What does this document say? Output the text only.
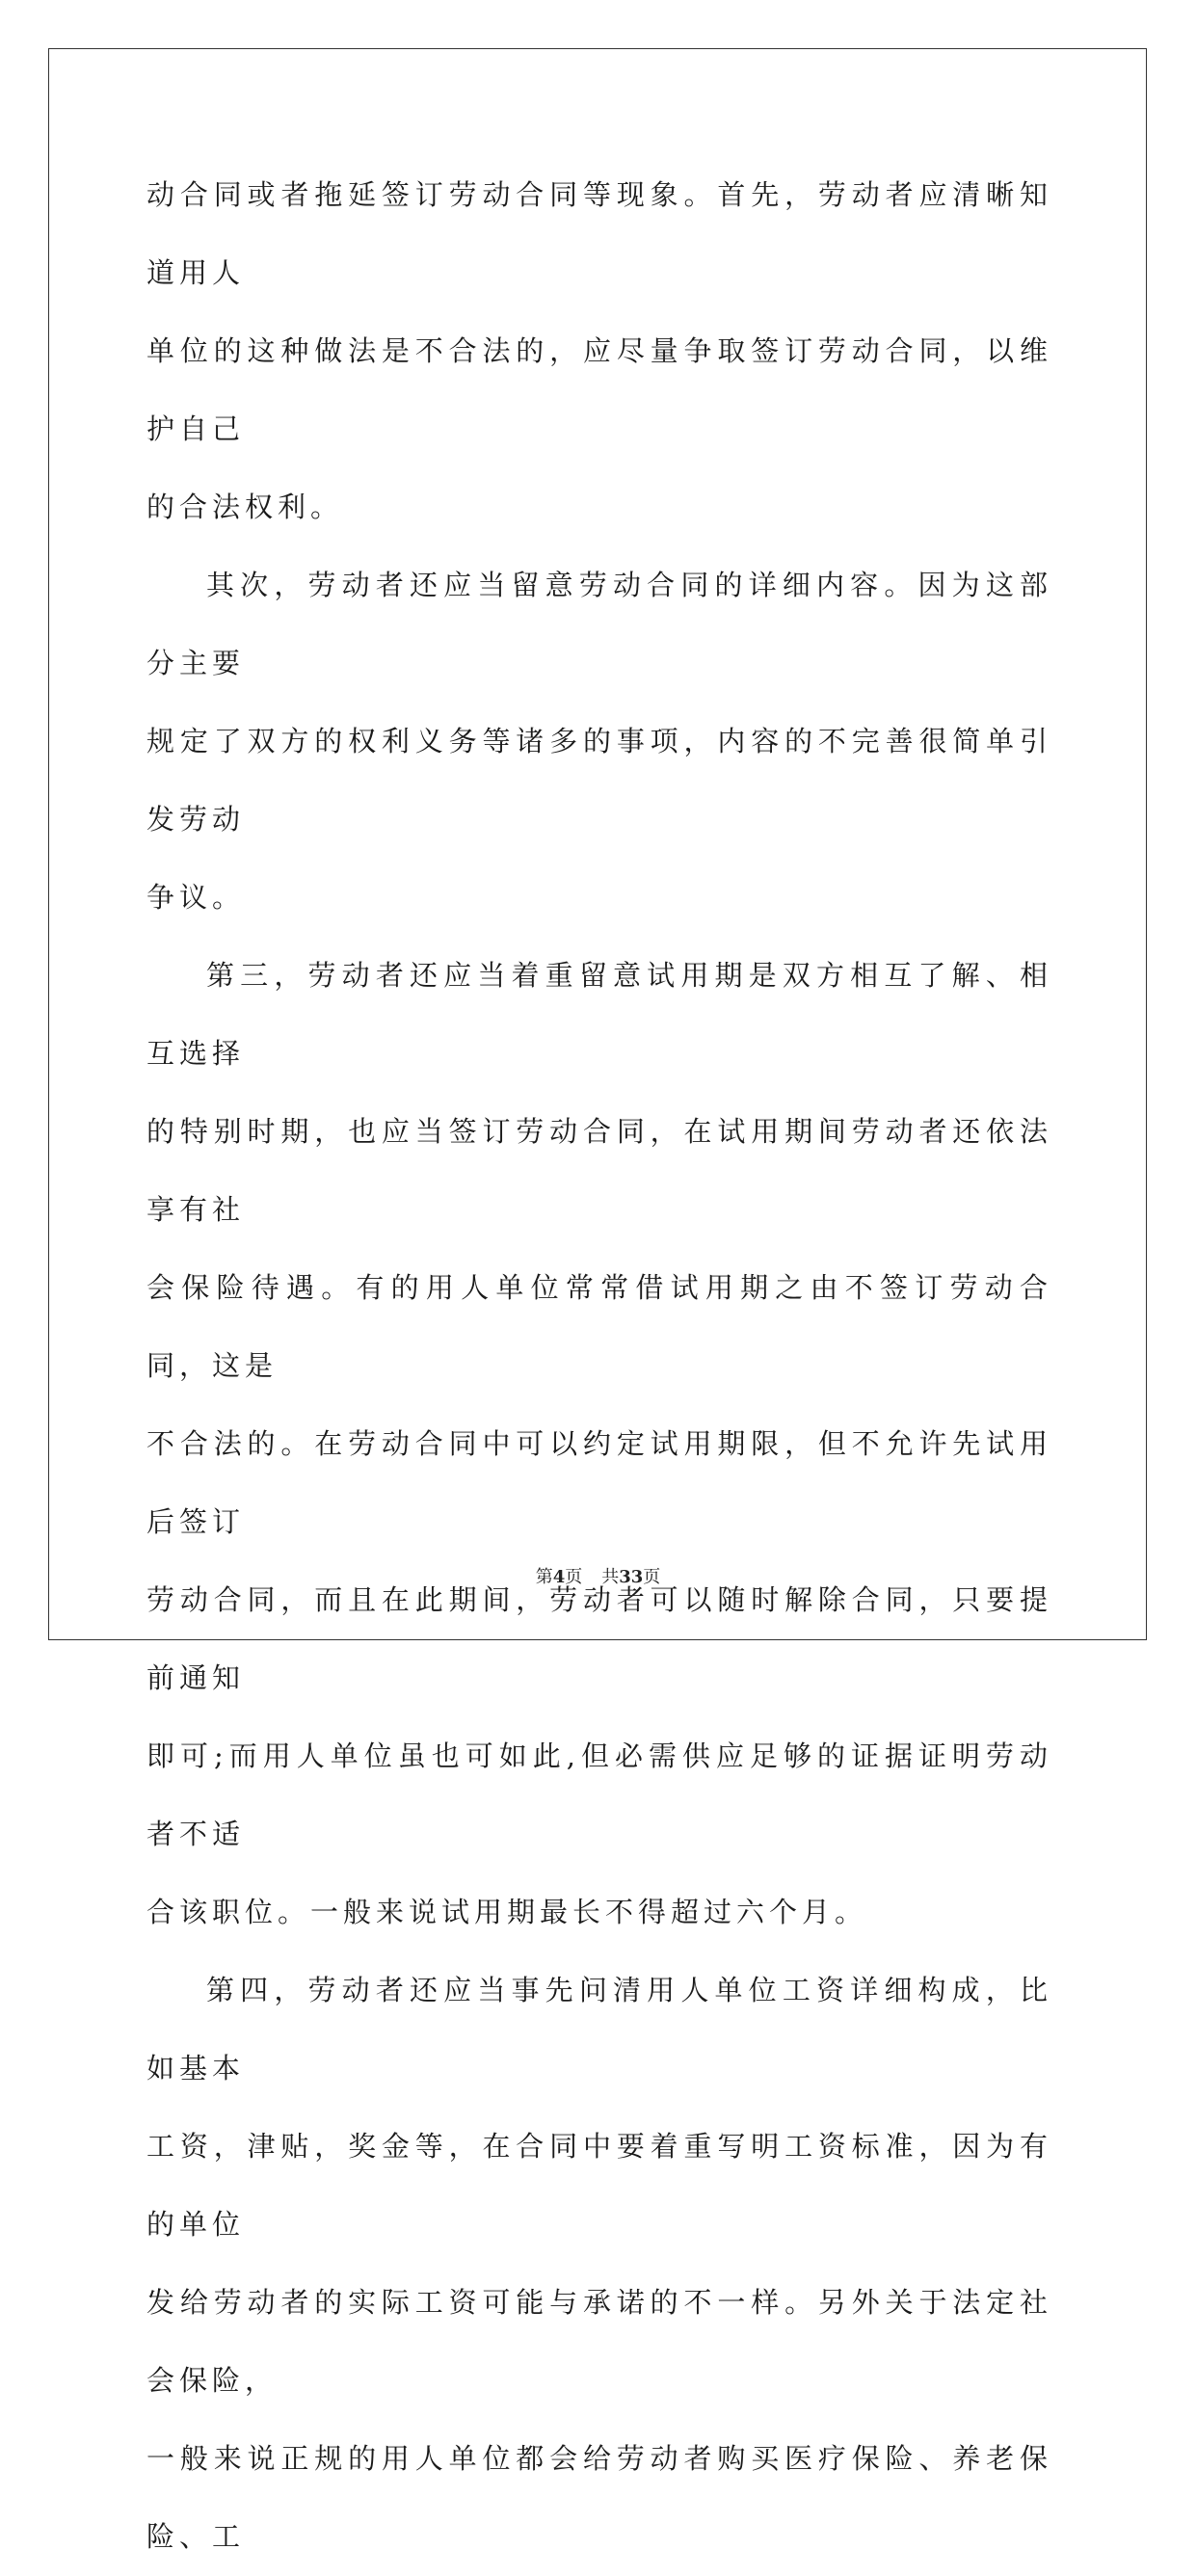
动合同或者拖延签订劳动合同等现象。首先，劳动者应清晰知道用人
单位的这种做法是不合法的，应尽量争取签订劳动合同，以维护自己
的合法权利。

其次，劳动者还应当留意劳动合同的详细内容。因为这部分主要
规定了双方的权利义务等诸多的事项，内容的不完善很简单引发劳动
争议。

第三，劳动者还应当着重留意试用期是双方相互了解、相互选择
的特别时期，也应当签订劳动合同，在试用期间劳动者还依法享有社
会保险待遇。有的用人单位常常借试用期之由不签订劳动合同，这是
不合法的。在劳动合同中可以约定试用期限，但不允许先试用后签订
劳动合同，而且在此期间，劳动者可以随时解除合同，只要提前通知
即可;而用人单位虽也可如此,但必需供应足够的证据证明劳动者不适
合该职位。一般来说试用期最长不得超过六个月。

第四，劳动者还应当事先问清用人单位工资详细构成，比如基本
工资，津贴，奖金等，在合同中要着重写明工资标准，因为有的单位
发给劳动者的实际工资可能与承诺的不一样。另外关于法定社会保险，
一般来说正规的用人单位都会给劳动者购买医疗保险、养老保险、工

第4页 共33页
